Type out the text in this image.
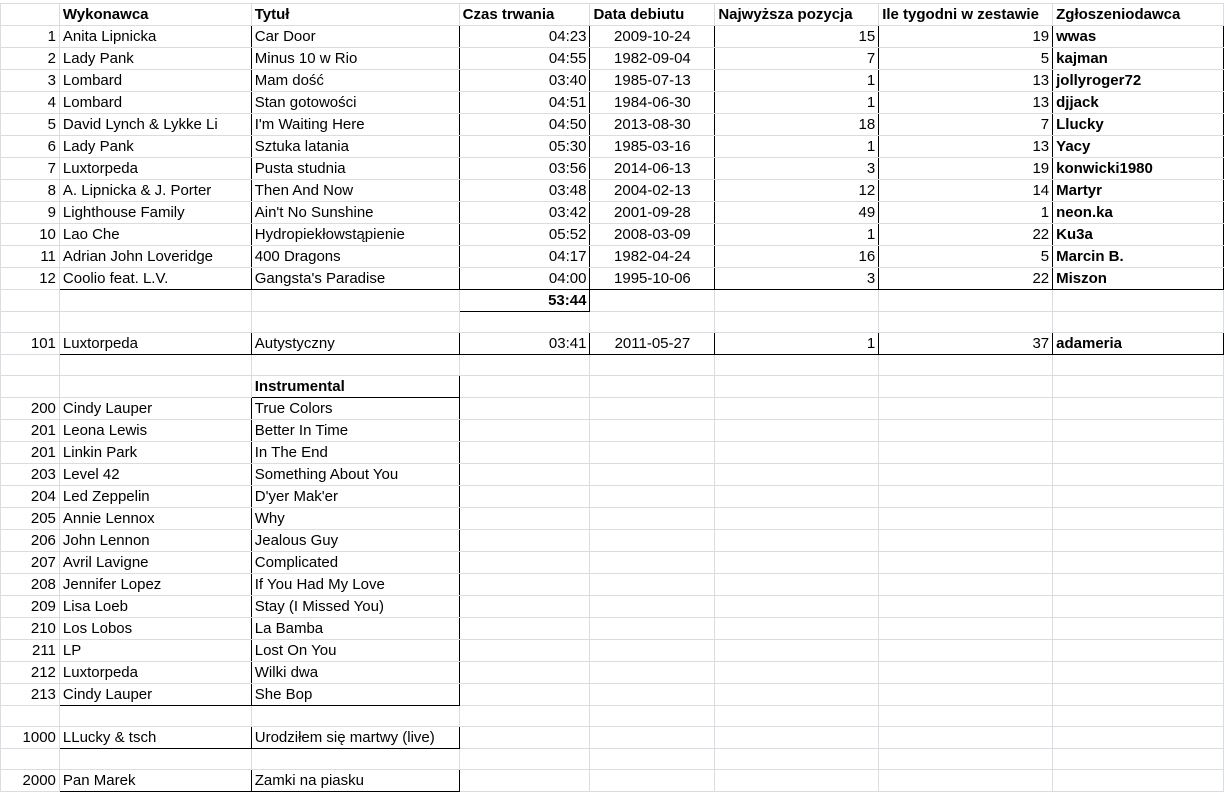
	Wykonawca	Tytuł	Czas trwania	Data debiutu	Najwyższa pozycja	Ile tygodni w zestawie	Zgłoszeniodawca
1	Anita Lipnicka	Car Door	04:23	2009-10-24	15	19	wwas
2	Lady Pank	Minus 10 w Rio	04:55	1982-09-04	7	5	kajman
3	Lombard	Mam dość	03:40	1985-07-13	1	13	jollyroger72
4	Lombard	Stan gotowości	04:51	1984-06-30	1	13	djjack
5	David Lynch & Lykke Li	I'm Waiting Here	04:50	2013-08-30	18	7	Llucky
6	Lady Pank	Sztuka latania	05:30	1985-03-16	1	13	Yacy
7	Luxtorpeda	Pusta studnia	03:56	2014-06-13	3	19	konwicki1980
8	A. Lipnicka & J. Porter	Then And Now	03:48	2004-02-13	12	14	Martyr
9	Lighthouse Family	Ain't No Sunshine	03:42	2001-09-28	49	1	neon.ka
10	Lao Che	Hydropiekłowstąpienie	05:52	2008-03-09	1	22	Ku3a
11	Adrian John Loveridge	400 Dragons	04:17	1982-04-24	16	5	Marcin B.
12	Coolio feat. L.V.	Gangsta's Paradise	04:00	1995-10-06	3	22	Miszon
			53:44				

101	Luxtorpeda	Autystyczny	03:41	2011-05-27	1	37	adameria

		Instrumental					
200	Cindy Lauper	True Colors					
201	Leona Lewis	Better In Time					
201	Linkin Park	In The End					
203	Level 42	Something About You					
204	Led Zeppelin	D'yer Mak'er					
205	Annie Lennox	Why					
206	John Lennon	Jealous Guy					
207	Avril Lavigne	Complicated					
208	Jennifer Lopez	If You Had My Love					
209	Lisa Loeb	Stay (I Missed You)					
210	Los Lobos	La Bamba					
211	LP	Lost On You					
212	Luxtorpeda	Wilki dwa					
213	Cindy Lauper	She Bop					

1000	LLucky & tsch	Urodziłem się martwy (live)					

2000	Pan Marek	Zamki na piasku					
